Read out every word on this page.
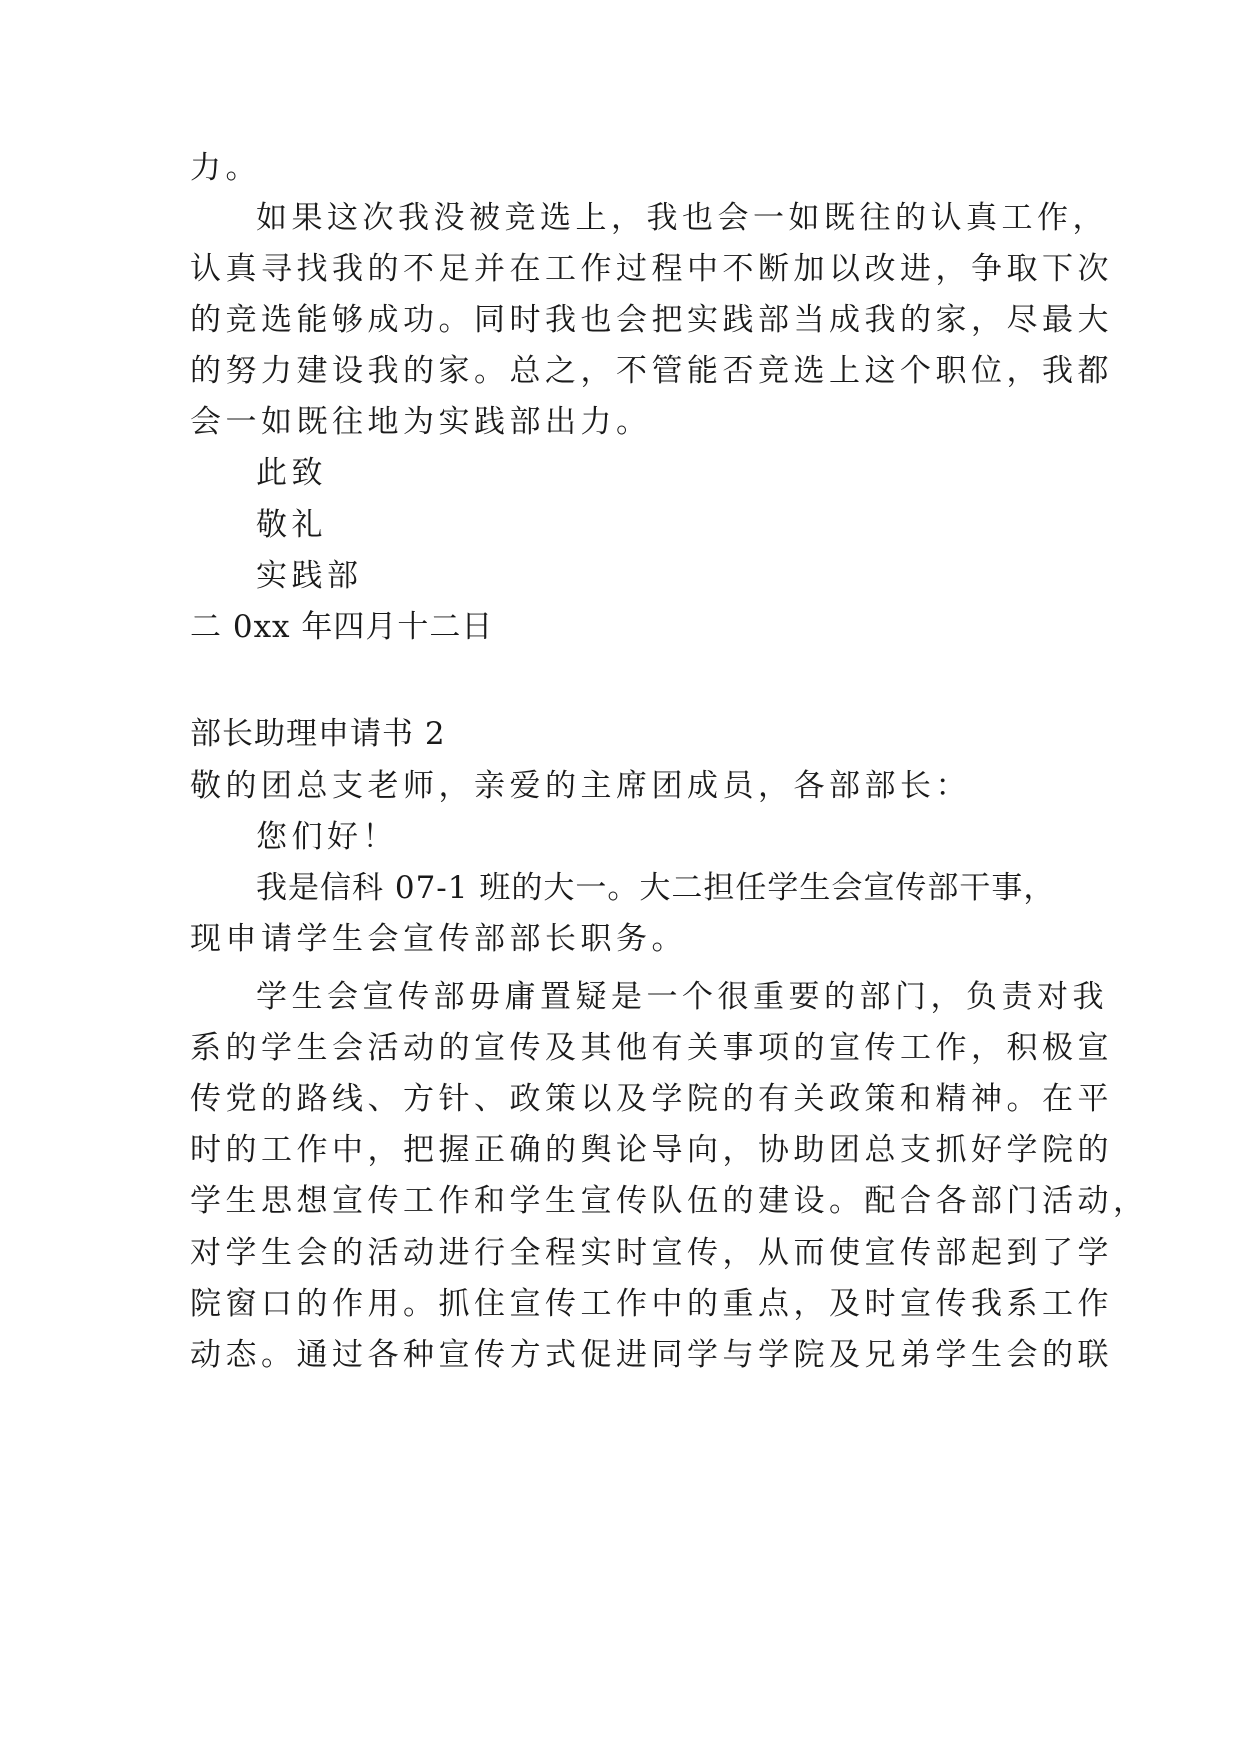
力。
如果这次我没被竞选上，我也会一如既往的认真工作，
认真寻找我的不足并在工作过程中不断加以改进，争取下次
的竞选能够成功。同时我也会把实践部当成我的家，尽最大
的努力建设我的家。总之，不管能否竞选上这个职位，我都
会一如既往地为实践部出力。
此致
敬礼
实践部
二 0xx 年四月十二日
部长助理申请书 2
敬的团总支老师，亲爱的主席团成员，各部部长：
您们好！
我是信科 07-1 班的大一。大二担任学生会宣传部干事，
现申请学生会宣传部部长职务。
学生会宣传部毋庸置疑是一个很重要的部门，负责对我
系的学生会活动的宣传及其他有关事项的宣传工作，积极宣
传党的路线、方针、政策以及学院的有关政策和精神。在平
时的工作中，把握正确的舆论导向，协助团总支抓好学院的
学生思想宣传工作和学生宣传队伍的建设。配合各部门活动，
对学生会的活动进行全程实时宣传，从而使宣传部起到了学
院窗口的作用。抓住宣传工作中的重点，及时宣传我系工作
动态。通过各种宣传方式促进同学与学院及兄弟学生会的联
